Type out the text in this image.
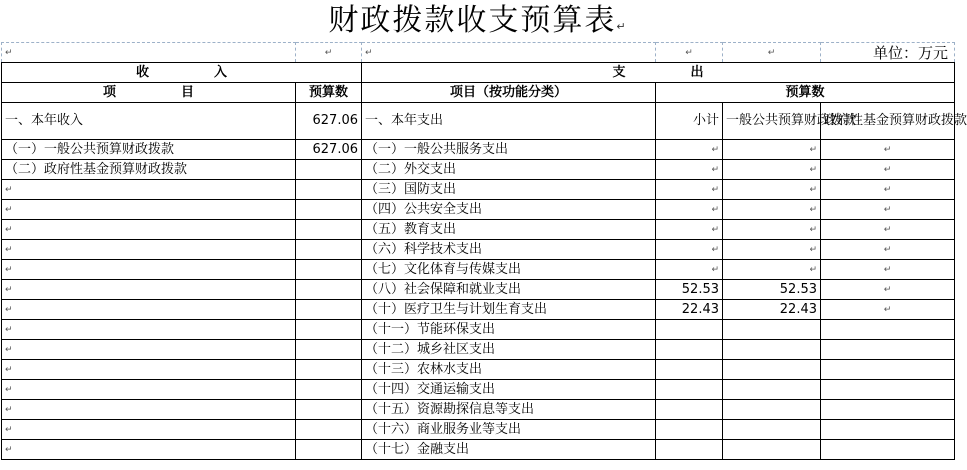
财政拨款收支预算表↵
↵	↵	↵	↵	↵	单位：万元
收　　　　　入		支　　　　　出			
项　　　　　目	预算数	项目（按功能分类）	预算数		
一、本年收入	627.06	一、本年支出	小计	一般公共预算财政拨款	政府性基金预算财政拨款
（一）一般公共预算财政拨款	627.06	（一）一般公共服务支出	↵	↵	↵
（二）政府性基金预算财政拨款		（二）外交支出	↵	↵	↵
↵		（三）国防支出	↵	↵	↵
↵		（四）公共安全支出	↵	↵	↵
↵		（五）教育支出	↵	↵	↵
↵		（六）科学技术支出	↵	↵	↵
↵		（七）文化体育与传媒支出	↵	↵	↵
↵		（八）社会保障和就业支出	52.53	52.53	↵
↵		（十）医疗卫生与计划生育支出	22.43	22.43	↵
↵		（十一）节能环保支出			
↵		（十二）城乡社区支出			
↵		（十三）农林水支出			
↵		（十四）交通运输支出			
↵		（十五）资源勘探信息等支出			
↵		（十六）商业服务业等支出			
↵		（十七）金融支出			
